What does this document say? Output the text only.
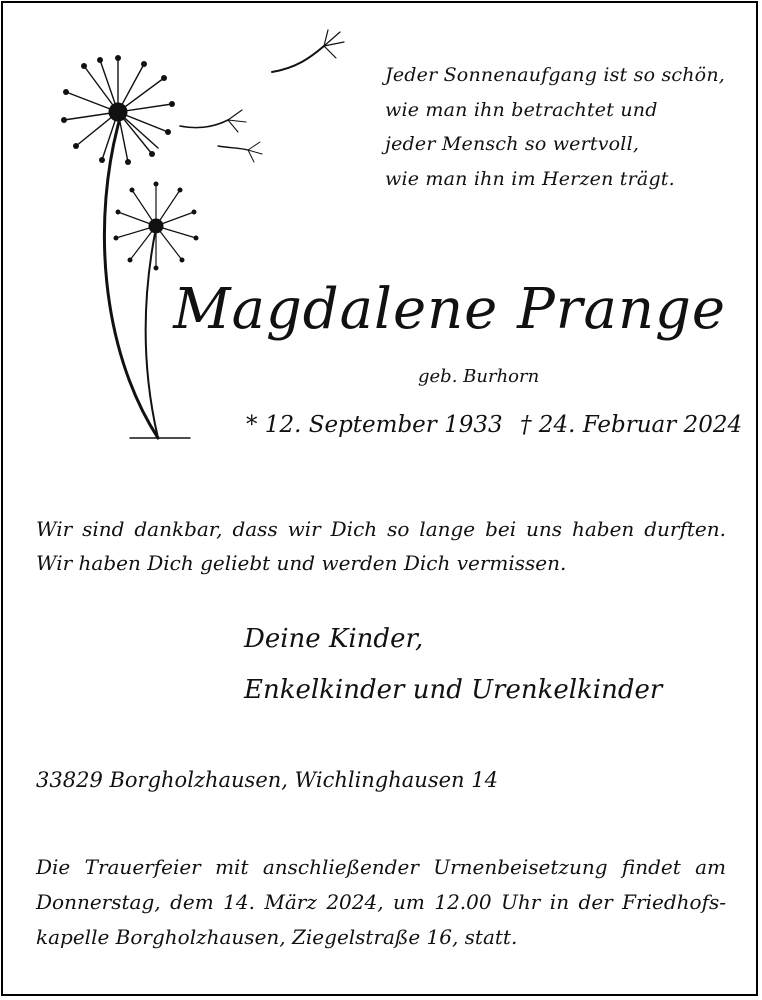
Jeder Sonnenaufgang ist so schön,
wie man ihn betrachtet und
jeder Mensch so wertvoll,
wie man ihn im Herzen trägt.
Magdalene Prange
geb. Burhorn
* 12. September 1933 † 24. Februar 2024
Wir sind dankbar, dass wir Dich so lange bei uns haben durften.
Wir haben Dich geliebt und werden Dich vermissen.
Deine Kinder,
Enkelkinder und Urenkelkinder
33829 Borgholzhausen, Wichlinghausen 14
Die Trauerfeier mit anschließender Urnenbeisetzung findet am
Donnerstag, dem 14. März 2024, um 12.00 Uhr in der Friedhofs-
kapelle Borgholzhausen, Ziegelstraße 16, statt.
